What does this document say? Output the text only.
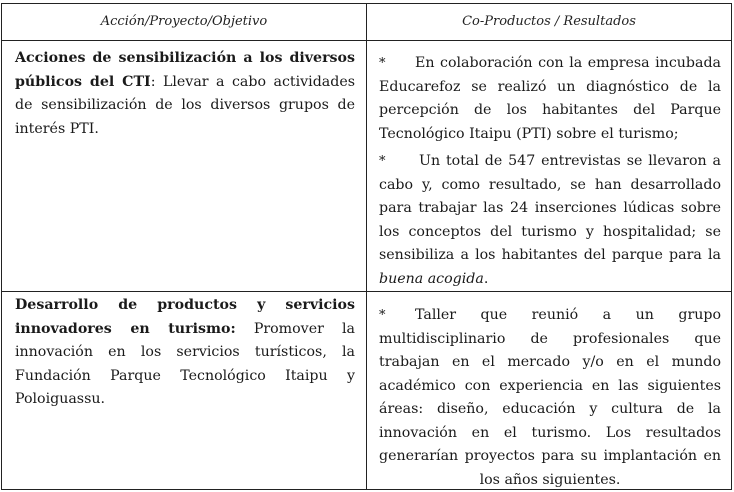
Acción/Proyecto/Objetivo	Co-Productos / Resultados
Acciones de sensibilización a los diversos públicos del CTI: Llevar a cabo actividades de sensibilización de los diversos grupos de interés PTI.
*	En colaboración con la empresa incubada Educarefoz se realizó un diagnóstico de la percepción de los habitantes del Parque Tecnológico Itaipu (PTI) sobre el turismo;
*	Un total de 547 entrevistas se llevaron a cabo y, como resultado, se han desarrollado para trabajar las 24 inserciones lúdicas sobre los conceptos del turismo y hospitalidad; se sensibiliza a los habitantes del parque para la buena acogida.
Desarrollo de productos y servicios innovadores en turismo: Promover la innovación en los servicios turísticos, la Fundación Parque Tecnológico Itaipu y Poloiguassu.
*	Taller que reunió a un grupo multidisciplinario de profesionales que trabajan en el mercado y/o en el mundo académico con experiencia en las siguientes áreas: diseño, educación y cultura de la innovación en el turismo. Los resultados generarían proyectos para su implantación en los años siguientes.
